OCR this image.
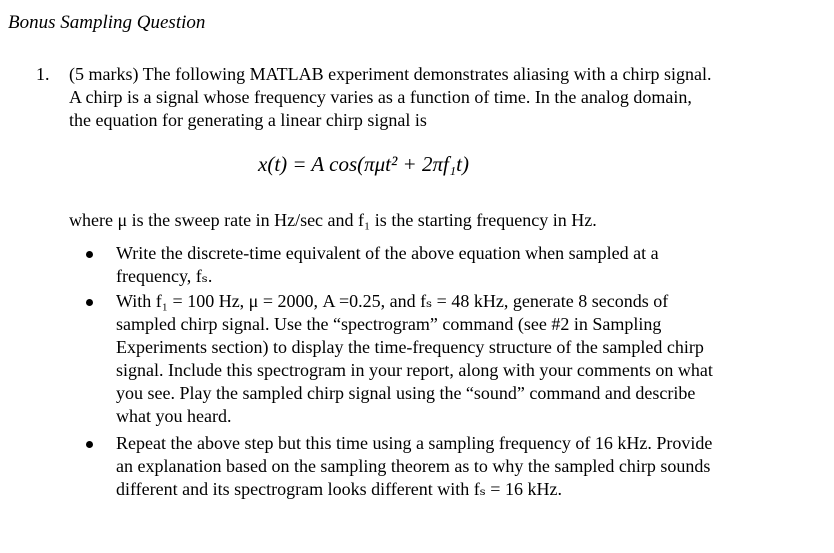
Bonus Sampling Question
1. (5 marks) The following MATLAB experiment demonstrates aliasing with a chirp signal.
A chirp is a signal whose frequency varies as a function of time. In the analog domain,
the equation for generating a linear chirp signal is
x(t) = A cos(πμt² + 2πf₁t)
where μ is the sweep rate in Hz/sec and f₁ is the starting frequency in Hz.
Write the discrete-time equivalent of the above equation when sampled at a
frequency, fₛ.
With f₁ = 100 Hz, μ = 2000, A =0.25, and fₛ = 48 kHz, generate 8 seconds of
sampled chirp signal. Use the “spectrogram” command (see #2 in Sampling
Experiments section) to display the time-frequency structure of the sampled chirp
signal. Include this spectrogram in your report, along with your comments on what
you see. Play the sampled chirp signal using the “sound” command and describe
what you heard.
Repeat the above step but this time using a sampling frequency of 16 kHz. Provide
an explanation based on the sampling theorem as to why the sampled chirp sounds
different and its spectrogram looks different with fₛ = 16 kHz.
